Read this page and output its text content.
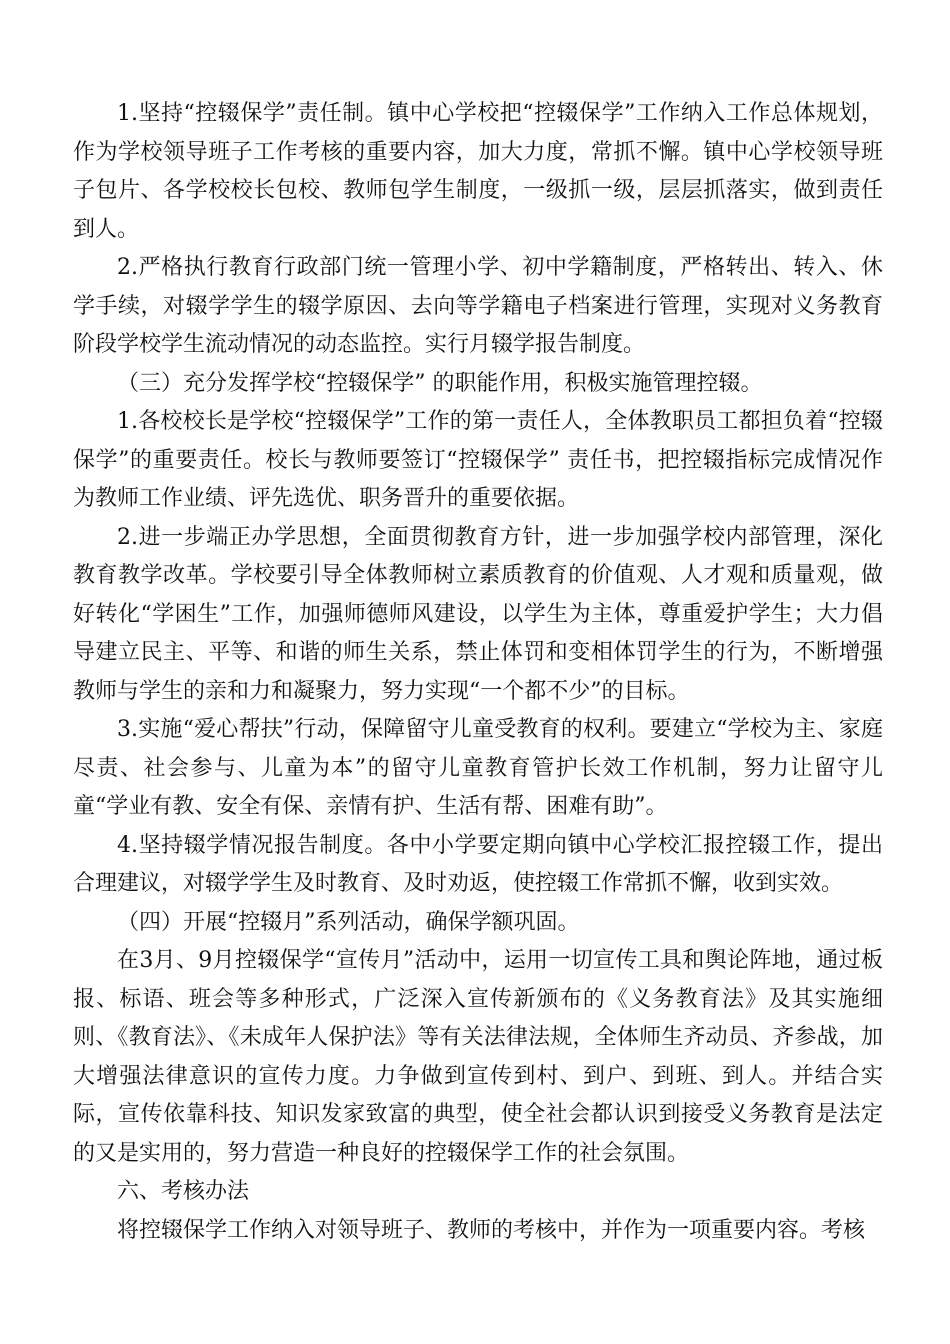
1.坚持“控辍保学”责任制。镇中心学校把“控辍保学”工作纳入工作总体规划，作为学校领导班子工作考核的重要内容，加大力度，常抓不懈。镇中心学校领导班子包片、各学校校长包校、教师包学生制度，一级抓一级，层层抓落实，做到责任到人。

2.严格执行教育行政部门统一管理小学、初中学籍制度，严格转出、转入、休学手续，对辍学学生的辍学原因、去向等学籍电子档案进行管理，实现对义务教育阶段学校学生流动情况的动态监控。实行月辍学报告制度。

（三）充分发挥学校“控辍保学” 的职能作用，积极实施管理控辍。

1.各校校长是学校“控辍保学”工作的第一责任人，全体教职员工都担负着“控辍保学”的重要责任。校长与教师要签订“控辍保学” 责任书，把控辍指标完成情况作为教师工作业绩、评先选优、职务晋升的重要依据。

2.进一步端正办学思想，全面贯彻教育方针，进一步加强学校内部管理，深化教育教学改革。学校要引导全体教师树立素质教育的价值观、人才观和质量观，做好转化“学困生”工作，加强师德师风建设，以学生为主体，尊重爱护学生；大力倡导建立民主、平等、和谐的师生关系，禁止体罚和变相体罚学生的行为，不断增强教师与学生的亲和力和凝聚力，努力实现“一个都不少”的目标。

3.实施“爱心帮扶”行动，保障留守儿童受教育的权利。要建立“学校为主、家庭尽责、社会参与、儿童为本”的留守儿童教育管护长效工作机制，努力让留守儿童“学业有教、安全有保、亲情有护、生活有帮、困难有助”。

4.坚持辍学情况报告制度。各中小学要定期向镇中心学校汇报控辍工作，提出合理建议，对辍学学生及时教育、及时劝返，使控辍工作常抓不懈，收到实效。

（四）开展“控辍月”系列活动，确保学额巩固。

在3月、9月控辍保学“宣传月”活动中，运用一切宣传工具和舆论阵地，通过板报、标语、班会等多种形式，广泛深入宣传新颁布的《义务教育法》及其实施细则、《教育法》、《未成年人保护法》等有关法律法规，全体师生齐动员、齐参战，加大增强法律意识的宣传力度。力争做到宣传到村、到户、到班、到人。并结合实际，宣传依靠科技、知识发家致富的典型，使全社会都认识到接受义务教育是法定的又是实用的，努力营造一种良好的控辍保学工作的社会氛围。

六、考核办法

将控辍保学工作纳入对领导班子、教师的考核中，并作为一项重要内容。考核
